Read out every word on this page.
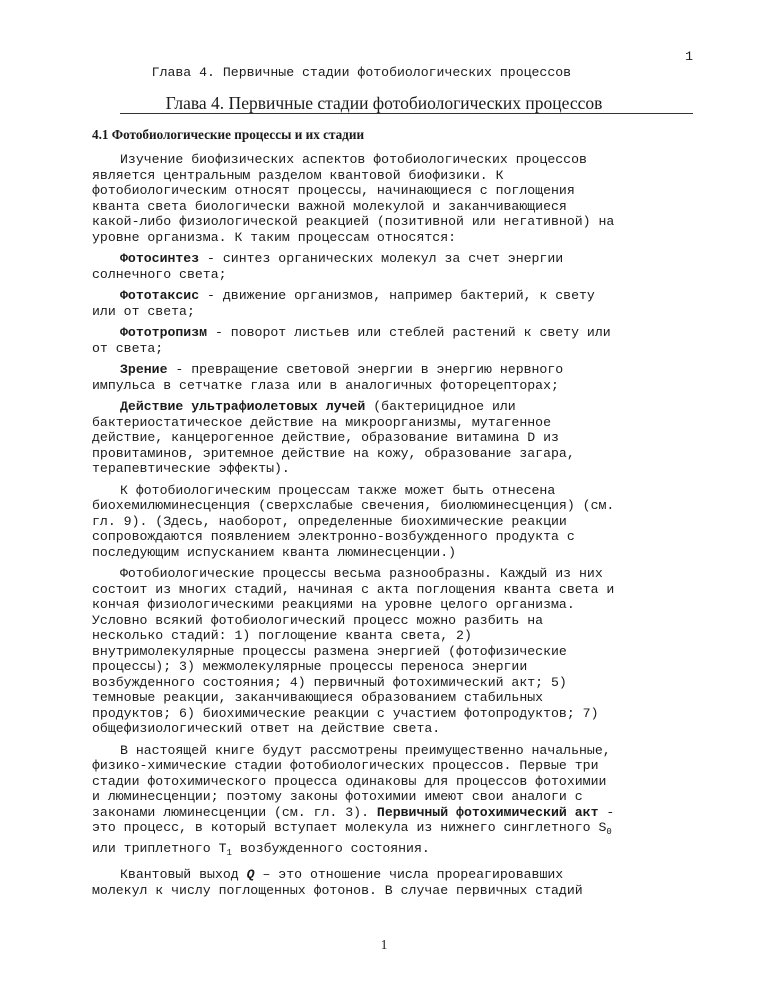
Глава 4. Первичные стадии фотобиологических процессов

1

Глава 4. Первичные стадии фотобиологических процессов
4.1 Фотобиологические процессы и их стадии

Изучение биофизических аспектов фотобиологических процессов
является центральным разделом квантовой биофизики. К
фотобиологическим относят процессы, начинающиеся с поглощения
кванта света биологически важной молекулой и заканчивающиеся
какой-либо физиологической реакцией (позитивной или негативной) на
уровне организма. К таким процессам относятся:

Фотосинтез - синтез органических молекул за счет энергии
солнечного света;

Фототаксис - движение организмов, например бактерий, к свету
или от света;

Фототропизм - поворот листьев или стеблей растений к свету или
от света;

Зрение - превращение световой энергии в энергию нервного
импульса в сетчатке глаза или в аналогичных фоторецепторах;

Действие ультрафиолетовых лучей (бактерицидное или
бактериостатическое действие на микроорганизмы, мутагенное
действие, канцерогенное действие, образование витамина D из
провитаминов, эритемное действие на кожу, образование загара,
терапевтические эффекты).

К фотобиологическим процессам также может быть отнесена
биохемилюминесценция (сверхслабые свечения, биолюминесценция) (см.
гл. 9). (Здесь, наоборот, определенные биохимические реакции
сопровождаются появлением электронно-возбужденного продукта с
последующим испусканием кванта люминесценции.)

Фотобиологические процессы весьма разнообразны. Каждый из них
состоит из многих стадий, начиная с акта поглощения кванта света и
кончая физиологическими реакциями на уровне целого организма.
Условно всякий фотобиологический процесс можно разбить на
несколько стадий: 1) поглощение кванта света, 2)
внутримолекулярные процессы размена энергией (фотофизические
процессы); 3) межмолекулярные процессы переноса энергии
возбужденного состояния; 4) первичный фотохимический акт; 5)
темновые реакции, заканчивающиеся образованием стабильных
продуктов; 6) биохимические реакции с участием фотопродуктов; 7)
общефизиологический ответ на действие света.

В настоящей книге будут рассмотрены преимущественно начальные,
физико-химические стадии фотобиологических процессов. Первые три
стадии фотохимического процесса одинаковы для процессов фотохимии
и люминесценции; поэтому законы фотохимии имеют свои аналоги с
законами люминесценции (см. гл. 3). Первичный фотохимический акт -
это процесс, в который вступает молекула из нижнего синглетного $S_0$
или триплетного $T_1$ возбужденного состояния.

Квантовый выход Q – это отношение числа прореагировавших
молекул к числу поглощенных фотонов. В случае первичных стадий

1
